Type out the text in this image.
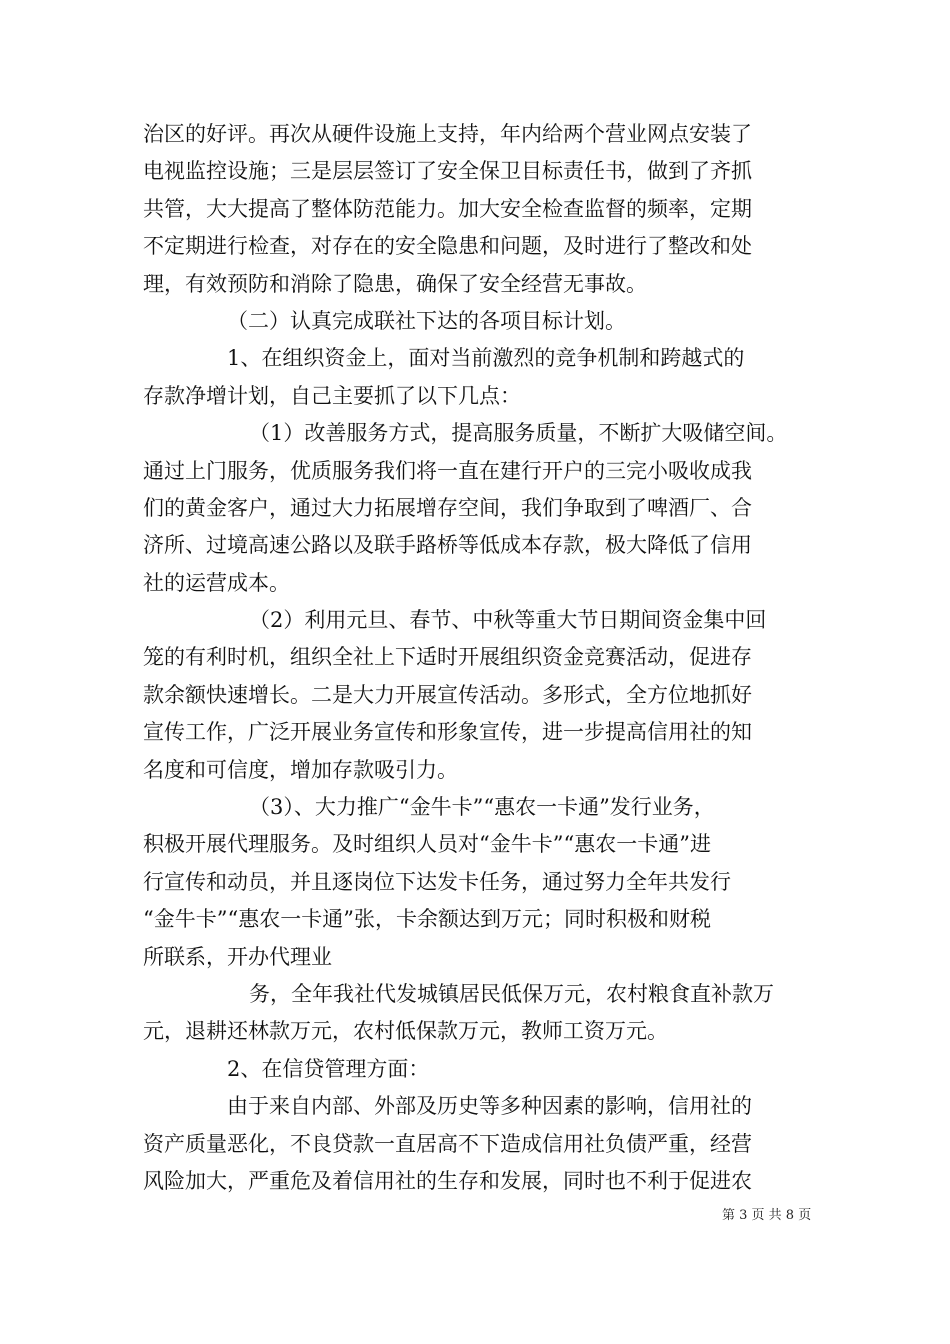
治区的好评。再次从硬件设施上支持，年内给两个营业网点安装了
电视监控设施；三是层层签订了安全保卫目标责任书，做到了齐抓
共管，大大提高了整体防范能力。加大安全检查监督的频率，定期
不定期进行检查，对存在的安全隐患和问题，及时进行了整改和处
理，有效预防和消除了隐患，确保了安全经营无事故。
（二）认真完成联社下达的各项目标计划。
1、在组织资金上，面对当前激烈的竞争机制和跨越式的
存款净增计划，自己主要抓了以下几点：
（1）改善服务方式，提高服务质量，不断扩大吸储空间。
通过上门服务，优质服务我们将一直在建行开户的三完小吸收成我
们的黄金客户，通过大力拓展增存空间，我们争取到了啤酒厂、合
济所、过境高速公路以及联手路桥等低成本存款，极大降低了信用
社的运营成本。
（2）利用元旦、春节、中秋等重大节日期间资金集中回
笼的有利时机，组织全社上下适时开展组织资金竞赛活动，促进存
款余额快速增长。二是大力开展宣传活动。多形式，全方位地抓好
宣传工作，广泛开展业务宣传和形象宣传，进一步提高信用社的知
名度和可信度，增加存款吸引力。
（3）、大力推广“金牛卡”“惠农一卡通”发行业务，
积极开展代理服务。及时组织人员对“金牛卡”“惠农一卡通”进
行宣传和动员，并且逐岗位下达发卡任务，通过努力全年共发行
“金牛卡”“惠农一卡通”张，卡余额达到万元；同时积极和财税
所联系，开办代理业
务，全年我社代发城镇居民低保万元，农村粮食直补款万
元，退耕还林款万元，农村低保款万元，教师工资万元。
2、在信贷管理方面：
由于来自内部、外部及历史等多种因素的影响，信用社的
资产质量恶化，不良贷款一直居高不下造成信用社负债严重，经营
风险加大，严重危及着信用社的生存和发展，同时也不利于促进农
第 3 页 共 8 页
